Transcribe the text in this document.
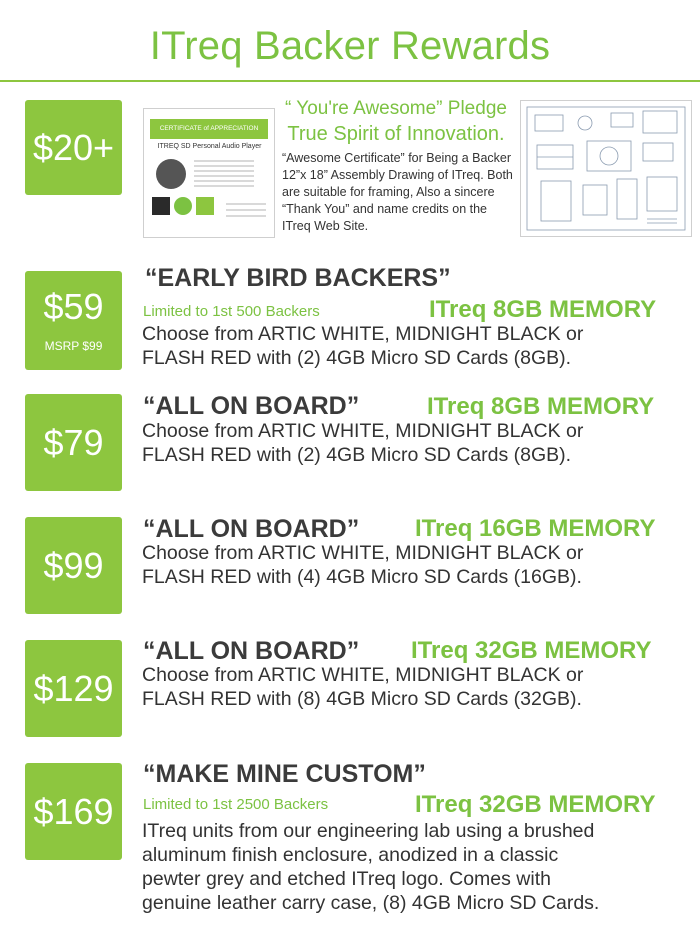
ITreq Backer Rewards
$20+	CERTIFICATE of APPRECIATION
ITREQ SD Personal Audio Player
“ You're Awesome” Pledge
True Spirit of Innovation.
“Awesome Certificate” for Being a Backer 12”x 18” Assembly Drawing of ITreq. Both are suitable for framing, Also a sincere “Thank You” and name credits on the ITreq Web Site.
$59
MSRP $99
“EARLY BIRD BACKERS”
Limited to 1st 500 Backers	ITreq 8GB MEMORY
Choose from ARTIC WHITE, MIDNIGHT BLACK or
FLASH RED with (2) 4GB Micro SD Cards (8GB).
$79
“ALL ON BOARD”	ITreq 8GB MEMORY
Choose from ARTIC WHITE, MIDNIGHT BLACK or
FLASH RED with (2) 4GB Micro SD Cards (8GB).
$99
“ALL ON BOARD” ITreq 16GB MEMORY
Choose from ARTIC WHITE, MIDNIGHT BLACK or
FLASH RED with (4) 4GB Micro SD Cards (16GB).
$129
“ALL ON BOARD” ITreq 32GB MEMORY
Choose from ARTIC WHITE, MIDNIGHT BLACK or
FLASH RED with (8) 4GB Micro SD Cards (32GB).
$169
“MAKE MINE CUSTOM”
Limited to 1st 2500 Backers	ITreq 32GB MEMORY
ITreq units from our engineering lab using a brushed
aluminum finish enclosure, anodized in a classic
pewter grey and etched ITreq logo. Comes with
genuine leather carry case, (8) 4GB Micro SD Cards.
